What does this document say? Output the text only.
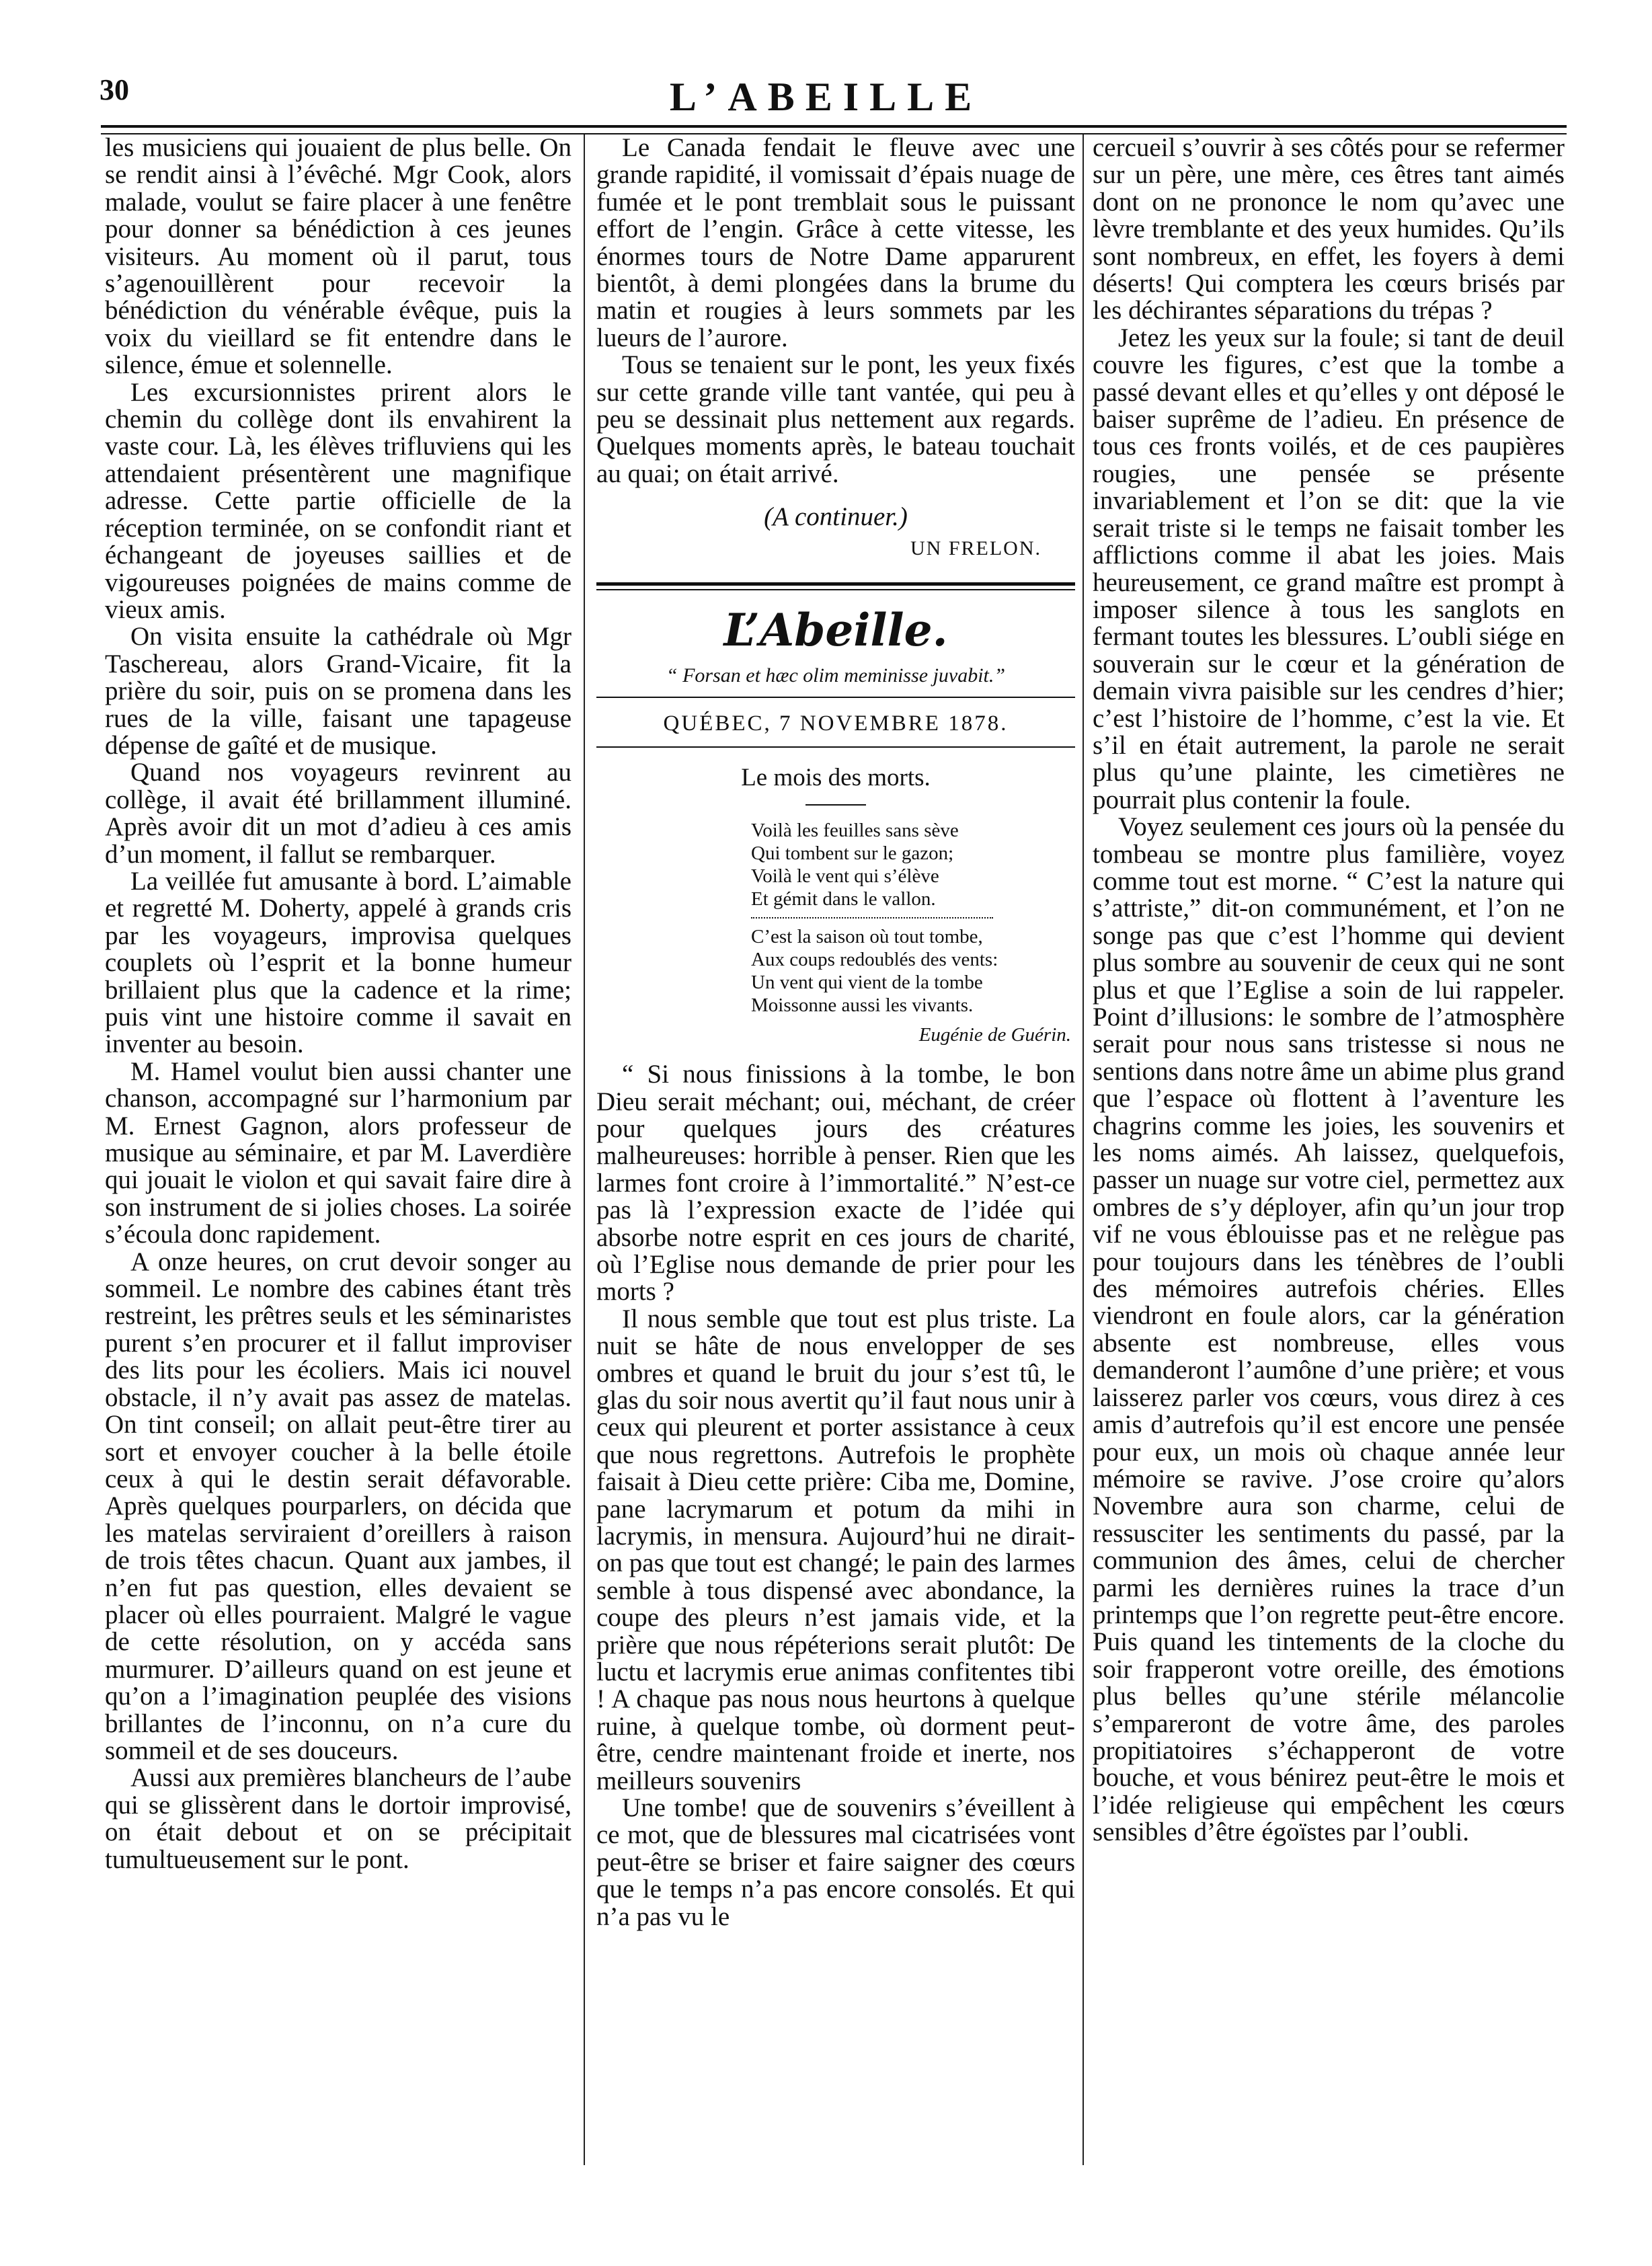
30	L’ABEILLE

les musiciens qui jouaient de plus belle. On se rendit ainsi à l’évêché. Mgr Cook, alors malade, voulut se faire placer à une fenêtre pour donner sa bénédiction à ces jeunes visiteurs. Au moment où il parut, tous s’agenouillèrent pour recevoir la bénédiction du vénérable évêque, puis la voix du vieillard se fit entendre dans le silence, émue et solennelle.

Les excursionnistes prirent alors le chemin du collège dont ils envahirent la vaste cour. Là, les élèves trifluviens qui les attendaient présentèrent une magnifique adresse. Cette partie officielle de la réception terminée, on se confondit riant et échangeant de joyeuses saillies et de vigoureuses poignées de mains comme de vieux amis.

On visita ensuite la cathédrale où Mgr Taschereau, alors Grand-Vicaire, fit la prière du soir, puis on se promena dans les rues de la ville, faisant une tapageuse dépense de gaîté et de musique.

Quand nos voyageurs revinrent au collège, il avait été brillamment illuminé. Après avoir dit un mot d’adieu à ces amis d’un moment, il fallut se rembarquer.

La veillée fut amusante à bord. L’aimable et regretté M. Doherty, appelé à grands cris par les voyageurs, improvisa quelques couplets où l’esprit et la bonne humeur brillaient plus que la cadence et la rime; puis vint une histoire comme il savait en inventer au besoin.

M. Hamel voulut bien aussi chanter une chanson, accompagné sur l’harmonium par M. Ernest Gagnon, alors professeur de musique au séminaire, et par M. Laverdière qui jouait le violon et qui savait faire dire à son instrument de si jolies choses. La soirée s’écoula donc rapidement.

A onze heures, on crut devoir songer au sommeil. Le nombre des cabines étant très restreint, les prêtres seuls et les séminaristes purent s’en procurer et il fallut improviser des lits pour les écoliers. Mais ici nouvel obstacle, il n’y avait pas assez de matelas. On tint conseil; on allait peut-être tirer au sort et envoyer coucher à la belle étoile ceux à qui le destin serait défavorable. Après quelques pourparlers, on décida que les matelas serviraient d’oreillers à raison de trois têtes chacun. Quant aux jambes, il n’en fut pas question, elles devaient se placer où elles pourraient. Malgré le vague de cette résolution, on y accéda sans murmurer. D’ailleurs quand on est jeune et qu’on a l’imagination peuplée des visions brillantes de l’inconnu, on n’a cure du sommeil et de ses douceurs.

Aussi aux premières blancheurs de l’aube qui se glissèrent dans le dortoir improvisé, on était debout et on se précipitait tumultueusement sur le pont.

Le Canada fendait le fleuve avec une grande rapidité, il vomissait d’épais nuage de fumée et le pont tremblait sous le puissant effort de l’engin. Grâce à cette vitesse, les énormes tours de Notre Dame apparurent bientôt, à demi plongées dans la brume du matin et rougies à leurs sommets par les lueurs de l’aurore.

Tous se tenaient sur le pont, les yeux fixés sur cette grande ville tant vantée, qui peu à peu se dessinait plus nettement aux regards. Quelques moments après, le bateau touchait au quai; on était arrivé.

(A continuer.)
UN FRELON.
L’Abeille.
“ Forsan et hæc olim meminisse juvabit.”
QUÉBEC, 7 NOVEMBRE 1878.
Le mois des morts.
Voilà les feuilles sans sève
Qui tombent sur le gazon;
Voilà le vent qui s’élève
Et gémit dans le vallon.
C’est la saison où tout tombe,
Aux coups redoublés des vents:
Un vent qui vient de la tombe
Moissonne aussi les vivants.
Eugénie de Guérin.

“ Si nous finissions à la tombe, le bon Dieu serait méchant; oui, méchant, de créer pour quelques jours des créatures malheureuses: horrible à penser. Rien que les larmes font croire à l’immortalité.” N’est-ce pas là l’expression exacte de l’idée qui absorbe notre esprit en ces jours de charité, où l’Eglise nous demande de prier pour les morts ?

Il nous semble que tout est plus triste. La nuit se hâte de nous envelopper de ses ombres et quand le bruit du jour s’est tû, le glas du soir nous avertit qu’il faut nous unir à ceux qui pleurent et porter assistance à ceux que nous regrettons. Autrefois le prophète faisait à Dieu cette prière: Ciba me, Domine, pane lacrymarum et potum da mihi in lacrymis, in mensura. Aujourd’hui ne dirait-on pas que tout est changé; le pain des larmes semble à tous dispensé avec abondance, la coupe des pleurs n’est jamais vide, et la prière que nous répéterions serait plutôt: De luctu et lacrymis erue animas confitentes tibi ! A chaque pas nous nous heurtons à quelque ruine, à quelque tombe, où dorment peut-être, cendre maintenant froide et inerte, nos meilleurs souvenirs

Une tombe! que de souvenirs s’éveillent à ce mot, que de blessures mal cicatrisées vont peut-être se briser et faire saigner des cœurs que le temps n’a pas encore consolés. Et qui n’a pas vu le

cercueil s’ouvrir à ses côtés pour se refermer sur un père, une mère, ces êtres tant aimés dont on ne prononce le nom qu’avec une lèvre tremblante et des yeux humides. Qu’ils sont nombreux, en effet, les foyers à demi déserts! Qui comptera les cœurs brisés par les déchirantes séparations du trépas ?

Jetez les yeux sur la foule; si tant de deuil couvre les figures, c’est que la tombe a passé devant elles et qu’elles y ont déposé le baiser suprême de l’adieu. En présence de tous ces fronts voilés, et de ces paupières rougies, une pensée se présente invariablement et l’on se dit: que la vie serait triste si le temps ne faisait tomber les afflictions comme il abat les joies. Mais heureusement, ce grand maître est prompt à imposer silence à tous les sanglots en fermant toutes les blessures. L’oubli siége en souverain sur le cœur et la génération de demain vivra paisible sur les cendres d’hier; c’est l’histoire de l’homme, c’est la vie. Et s’il en était autrement, la parole ne serait plus qu’une plainte, les cimetières ne pourrait plus contenir la foule.

Voyez seulement ces jours où la pensée du tombeau se montre plus familière, voyez comme tout est morne. “ C’est la nature qui s’attriste,” dit-on communément, et l’on ne songe pas que c’est l’homme qui devient plus sombre au souvenir de ceux qui ne sont plus et que l’Eglise a soin de lui rappeler. Point d’illusions: le sombre de l’atmosphère serait pour nous sans tristesse si nous ne sentions dans notre âme un abime plus grand que l’espace où flottent à l’aventure les chagrins comme les joies, les souvenirs et les noms aimés. Ah laissez, quelquefois, passer un nuage sur votre ciel, permettez aux ombres de s’y déployer, afin qu’un jour trop vif ne vous éblouisse pas et ne relègue pas pour toujours dans les ténèbres de l’oubli des mémoires autrefois chéries. Elles viendront en foule alors, car la génération absente est nombreuse, elles vous demanderont l’aumône d’une prière; et vous laisserez parler vos cœurs, vous direz à ces amis d’autrefois qu’il est encore une pensée pour eux, un mois où chaque année leur mémoire se ravive. J’ose croire qu’alors Novembre aura son charme, celui de ressusciter les sentiments du passé, par la communion des âmes, celui de chercher parmi les dernières ruines la trace d’un printemps que l’on regrette peut-être encore. Puis quand les tintements de la cloche du soir frapperont votre oreille, des émotions plus belles qu’une stérile mélancolie s’empareront de votre âme, des paroles propitiatoires s’échapperont de votre bouche, et vous bénirez peut-être le mois et l’idée religieuse qui empêchent les cœurs sensibles d’être égoïstes par l’oubli.
